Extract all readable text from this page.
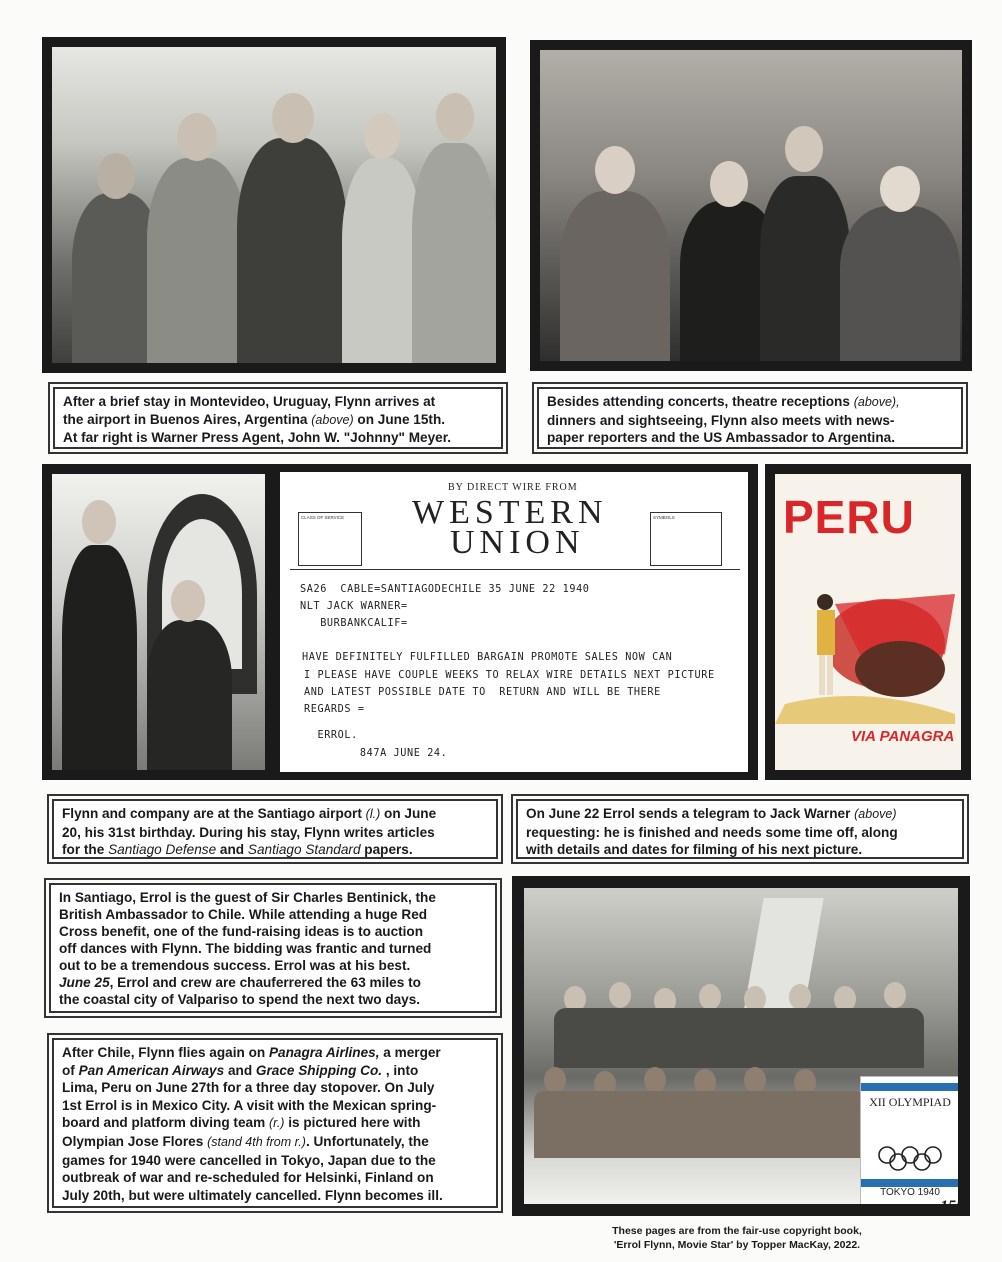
After a brief stay in Montevideo, Uruguay, Flynn arrives at
the airport in Buenos Aires, Argentina (above) on June 15th.
At far right is Warner Press Agent, John W. "Johnny" Meyer.
Besides attending concerts, theatre receptions (above),
dinners and sightseeing, Flynn also meets with news-
paper reporters and the US Ambassador to Argentina.
BY DIRECT WIRE FROM
WESTERN
UNION
CLASS OF SERVICE	SYMBOLS
SA26  CABLE=SANTIAGODECHILE 35 JUNE 22 1940
NLT JACK WARNER=
BURBANKCALIF=
HAVE DEFINITELY FULFILLED BARGAIN PROMOTE SALES NOW CAN
I PLEASE HAVE COUPLE WEEKS TO RELAX WIRE DETAILS NEXT PICTURE
AND LATEST POSSIBLE DATE TO  RETURN AND WILL BE THERE
REGARDS =
ERROL.
847A JUNE 24.
PERU
VIA PANAGRA
Flynn and company are at the Santiago airport (l.) on June
20, his 31st birthday. During his stay, Flynn writes articles
for the Santiago Defense and Santiago Standard papers.
On June 22 Errol sends a telegram to Jack Warner (above)
requesting: he is finished and needs some time off, along
with details and dates for filming of his next picture.
In Santiago, Errol is the guest of Sir Charles Bentinick, the
British Ambassador to Chile. While attending a huge Red
Cross benefit, one of the fund-raising ideas is to auction
off dances with Flynn. The bidding was frantic and turned
out to be a tremendous success. Errol was at his best.
June 25, Errol and crew are chauferrered the 63 miles to
the coastal city of Valpariso to spend the next two days.
After Chile, Flynn flies again on Panagra Airlines, a merger
of Pan American Airways and Grace Shipping Co. , into
Lima, Peru on June 27th for a three day stopover. On July
1st Errol is in Mexico City. A visit with the Mexican spring-
board and platform diving team (r.) is pictured here with
Olympian Jose Flores (stand 4th from r.). Unfortunately, the
games for 1940 were cancelled in Tokyo, Japan due to the
outbreak of war and re-scheduled for Helsinki, Finland on
July 20th, but were ultimately cancelled. Flynn becomes ill.
XII OLYMPIAD
TOKYO 1940
155
These pages are from the fair-use copyright book,
'Errol Flynn, Movie Star' by Topper MacKay, 2022.
